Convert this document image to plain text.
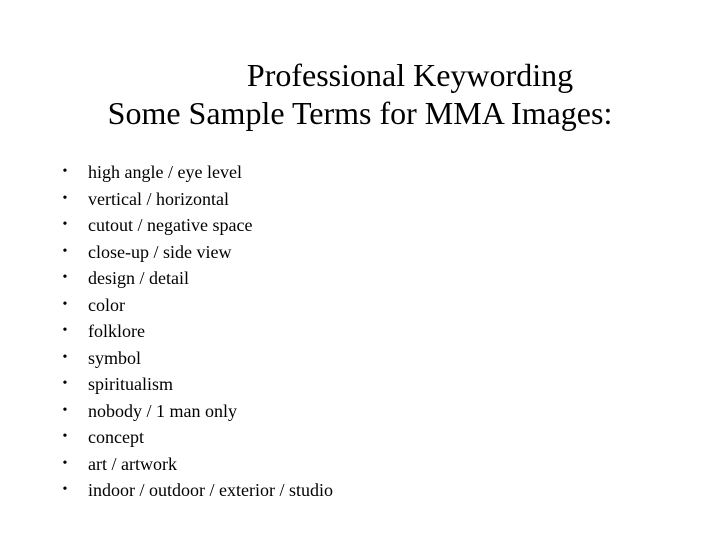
Professional Keywording
Some Sample Terms for MMA Images:
• high angle / eye level
• vertical / horizontal
• cutout / negative space
• close-up / side view
• design / detail
• color
• folklore
• symbol
• spiritualism
• nobody / 1 man only
• concept
• art / artwork
• indoor / outdoor / exterior / studio
